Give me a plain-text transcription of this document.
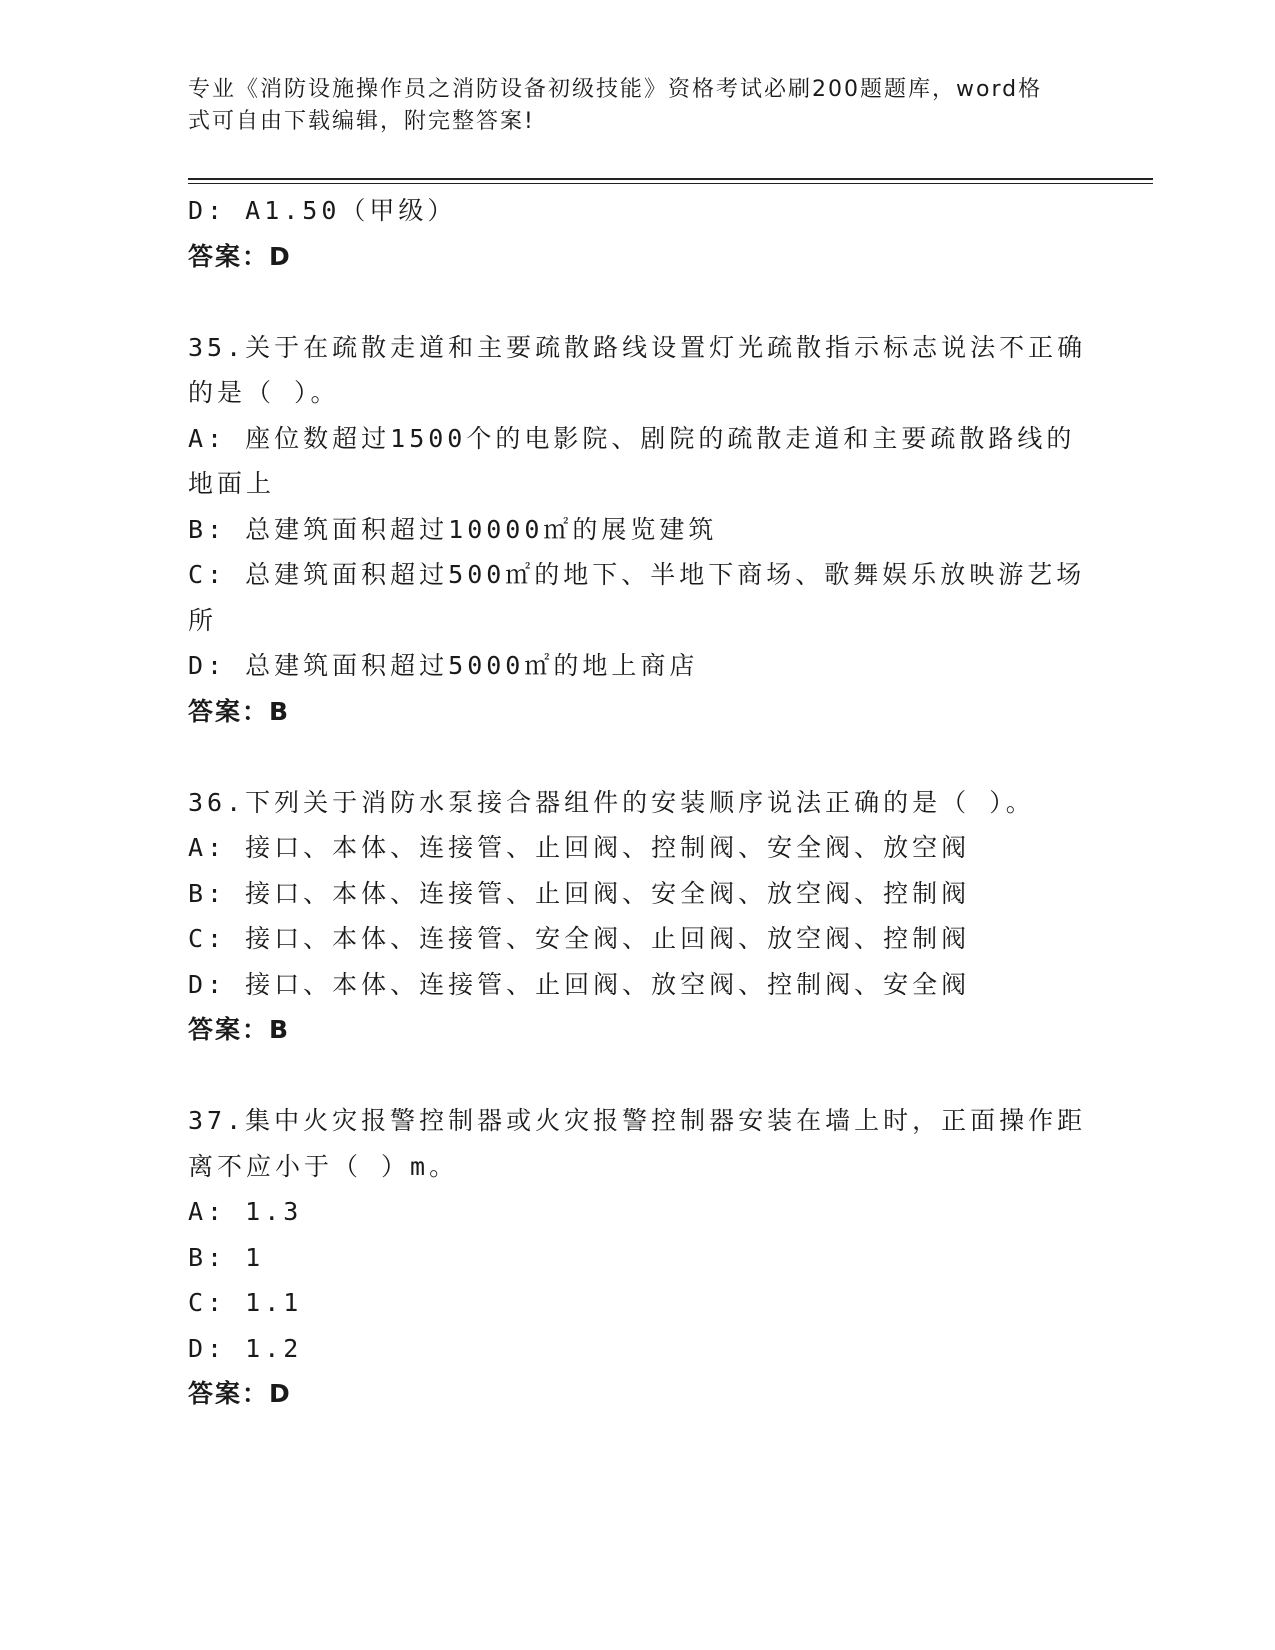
专业《消防设施操作员之消防设备初级技能》资格考试必刷200题题库，word格
式可自由下载编辑，附完整答案!
D: A1.50（甲级）
答案：D
35.关于在疏散走道和主要疏散路线设置灯光疏散指示标志说法不正确
的是（ ）。
A: 座位数超过1500个的电影院、剧院的疏散走道和主要疏散路线的
地面上
B: 总建筑面积超过10000㎡的展览建筑
C: 总建筑面积超过500㎡的地下、半地下商场、歌舞娱乐放映游艺场
所
D: 总建筑面积超过5000㎡的地上商店
答案：B
36.下列关于消防水泵接合器组件的安装顺序说法正确的是（ ）。
A: 接口、本体、连接管、止回阀、控制阀、安全阀、放空阀
B: 接口、本体、连接管、止回阀、安全阀、放空阀、控制阀
C: 接口、本体、连接管、安全阀、止回阀、放空阀、控制阀
D: 接口、本体、连接管、止回阀、放空阀、控制阀、安全阀
答案：B
37.集中火灾报警控制器或火灾报警控制器安装在墙上时，正面操作距
离不应小于（ ）m。
A: 1.3
B: 1
C: 1.1
D: 1.2
答案：D
